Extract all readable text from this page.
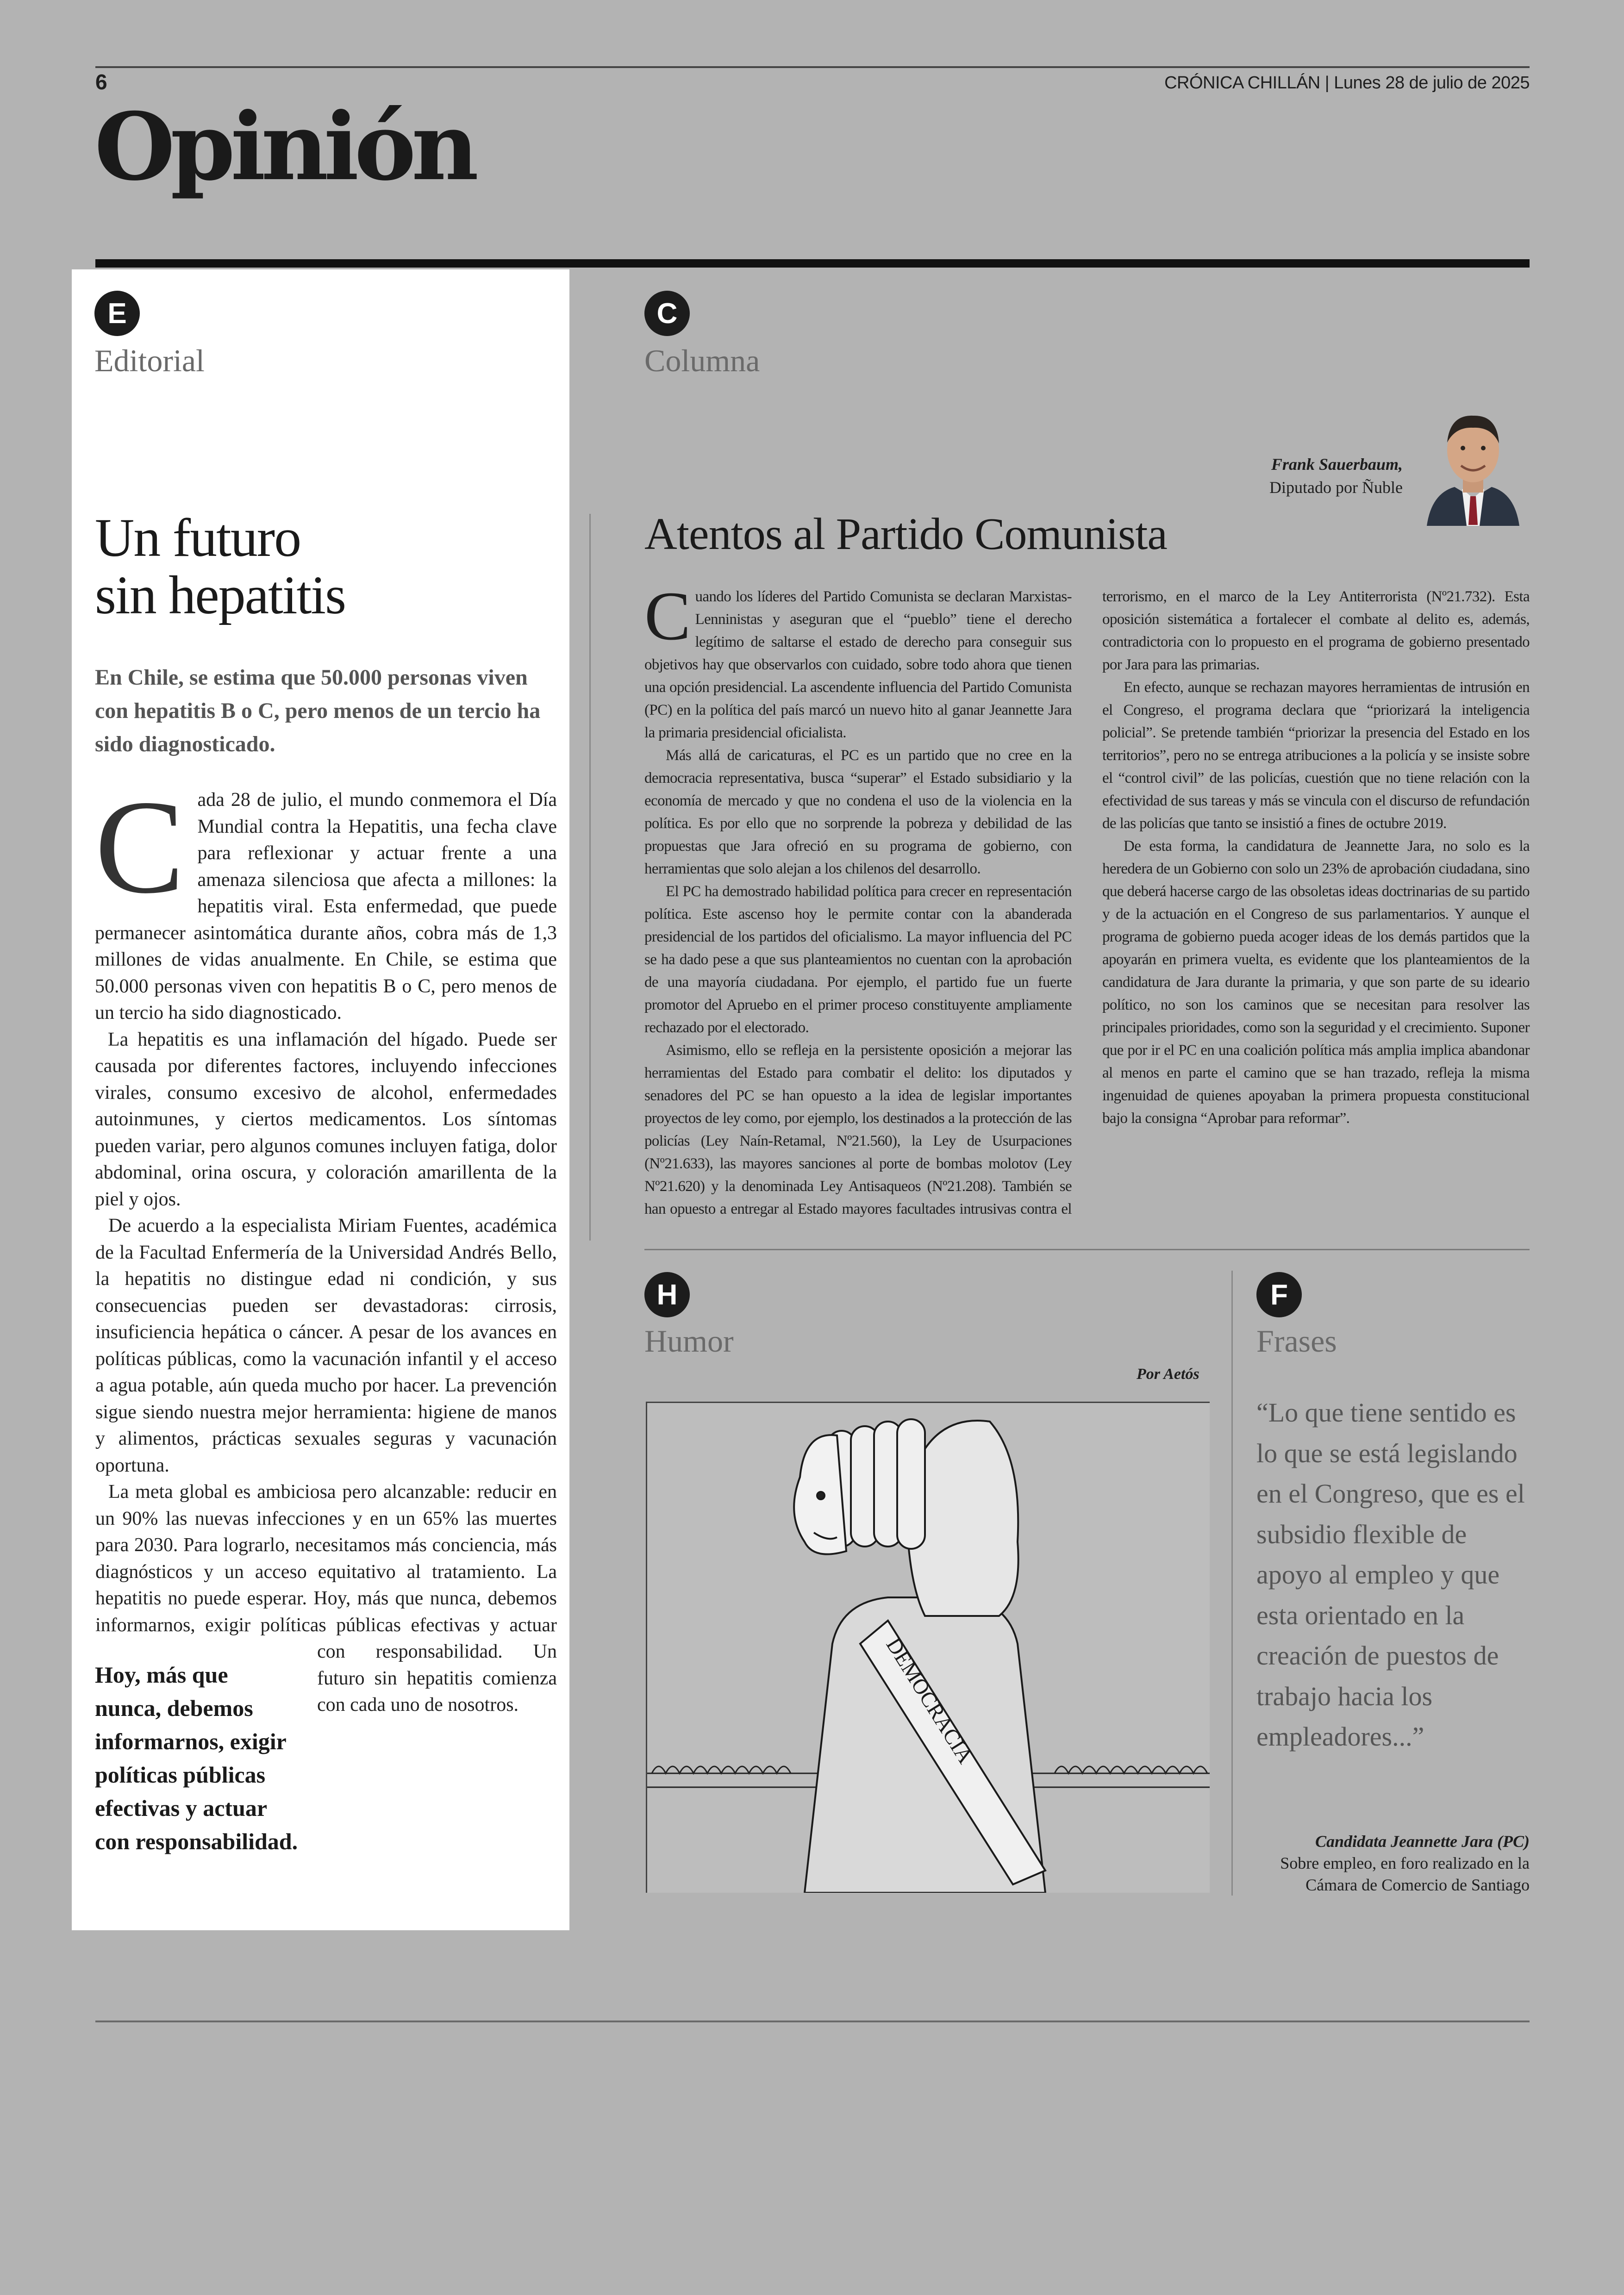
6	CRÓNICA CHILLÁN | Lunes 28 de julio de 2025
Opinión
E
Editorial
Un futuro
sin hepatitis
En Chile, se estima que 50.000 personas viven con hepatitis B o C, pero menos de un tercio ha sido diagnosticado.

Cada 28 de julio, el mundo conmemora el Día Mundial contra la Hepatitis, una fecha clave para reflexionar y actuar frente a una amenaza silenciosa que afecta a millones: la hepatitis viral. Esta enfermedad, que puede permanecer asintomática durante años, cobra más de 1,3 millones de vidas anualmente. En Chile, se estima que 50.000 personas viven con hepatitis B o C, pero menos de un tercio ha sido diagnosticado.

La hepatitis es una inflamación del hígado. Puede ser causada por diferentes factores, incluyendo infecciones virales, consumo excesivo de alcohol, enfermedades autoinmunes, y ciertos medicamentos. Los síntomas pueden variar, pero algunos comunes incluyen fatiga, dolor abdominal, orina oscura, y coloración amarillenta de la piel y ojos.

Hoy, más que nunca, debemos informarnos, exigir políticas públicas efectivas y actuar con responsabilidad.

De acuerdo a la especialista Miriam Fuentes, académica de la Facultad Enfermería de la Universidad Andrés Bello, la hepatitis no distingue edad ni condición, y sus consecuencias pueden ser devastadoras: cirrosis, insuficiencia hepática o cáncer. A pesar de los avances en políticas públicas, como la vacunación infantil y el acceso a agua potable, aún queda mucho por hacer. La prevención sigue siendo nuestra mejor herramienta: higiene de manos y alimentos, prácticas sexuales seguras y vacunación oportuna.

La meta global es ambiciosa pero alcanzable: reducir en un 90% las nuevas infecciones y en un 65% las muertes para 2030. Para lograrlo, necesitamos más conciencia, más diagnósticos y un acceso equitativo al tratamiento. La hepatitis no puede esperar. Hoy, más que nunca, debemos informarnos, exigir políticas públicas efectivas y actuar con responsabilidad. Un futuro sin hepatitis comienza con cada uno de nosotros.

C
Columna
Frank Sauerbaum,
Diputado por Ñuble
Atentos al Partido Comunista

Cuando los líderes del Partido Comunista se declaran Marxistas-Lenninistas y aseguran que el “pueblo” tiene el derecho legítimo de saltarse el estado de derecho para conseguir sus objetivos hay que observarlos con cuidado, sobre todo ahora que tienen una opción presidencial. La ascendente influencia del Partido Comunista (PC) en la política del país marcó un nuevo hito al ganar Jeannette Jara la primaria presidencial oficialista.

Más allá de caricaturas, el PC es un partido que no cree en la democracia representativa, busca “superar” el Estado subsidiario y la economía de mercado y que no condena el uso de la violencia en la política. Es por ello que no sorprende la pobreza y debilidad de las propuestas que Jara ofreció en su programa de gobierno, con herramientas que solo alejan a los chilenos del desarrollo.

El PC ha demostrado habilidad política para crecer en representación política. Este ascenso hoy le permite contar con la abanderada presidencial de los partidos del oficialismo. La mayor influencia del PC se ha dado pese a que sus planteamientos no cuentan con la aprobación de una mayoría ciudadana. Por ejemplo, el partido fue un fuerte promotor del Apruebo en el primer proceso constituyente ampliamente rechazado por el electorado.

Asimismo, ello se refleja en la persistente oposición a mejorar las herramientas del Estado para combatir el delito: los diputados y senadores del PC se han opuesto a la idea de legislar importantes proyectos de ley como, por ejemplo, los destinados a la protección de las policías (Ley Naín-Retamal, Nº21.560), la Ley de Usurpaciones (Nº21.633), las mayores sanciones al porte de bombas molotov (Ley Nº21.620) y la denominada Ley Antisaqueos (Nº21.208). También se han opuesto a entregar al Estado mayores facultades intrusivas contra el terrorismo, en el marco de la Ley Antiterrorista (Nº21.732). Esta oposición sistemática a fortalecer el combate al delito es, además, contradictoria con lo propuesto en el programa de gobierno presentado por Jara para las primarias.

En efecto, aunque se rechazan mayores herramientas de intrusión en el Congreso, el programa declara que “priorizará la inteligencia policial”. Se pretende también “priorizar la presencia del Estado en los territorios”, pero no se entrega atribuciones a la policía y se insiste sobre el “control civil” de las policías, cuestión que no tiene relación con la efectividad de sus tareas y más se vincula con el discurso de refundación de las policías que tanto se insistió a fines de octubre 2019.

De esta forma, la candidatura de Jeannette Jara, no solo es la heredera de un Gobierno con solo un 23% de aprobación ciudadana, sino que deberá hacerse cargo de las obsoletas ideas doctrinarias de su partido y de la actuación en el Congreso de sus parlamentarios. Y aunque el programa de gobierno pueda acoger ideas de los demás partidos que la apoyarán en primera vuelta, es evidente que los planteamientos de la candidatura de Jara durante la primaria, y que son parte de su ideario político, no son los caminos que se necesitan para resolver las principales prioridades, como son la seguridad y el crecimiento. Suponer que por ir el PC en una coalición política más amplia implica abandonar al menos en parte el camino que se han trazado, refleja la misma ingenuidad de quienes apoyaban la primera propuesta constitucional bajo la consigna “Aprobar para reformar”.

H
Humor
Por Aetós
DEMOCRACIA
F
Frases
“Lo que tiene sentido es lo que se está legislando en el Congreso, que es el subsidio flexible de apoyo al empleo y que esta orientado en la creación de puestos de trabajo hacia los empleadores...”
Candidata Jeannette Jara (PC)
Sobre empleo, en foro realizado en la
Cámara de Comercio de Santiago
